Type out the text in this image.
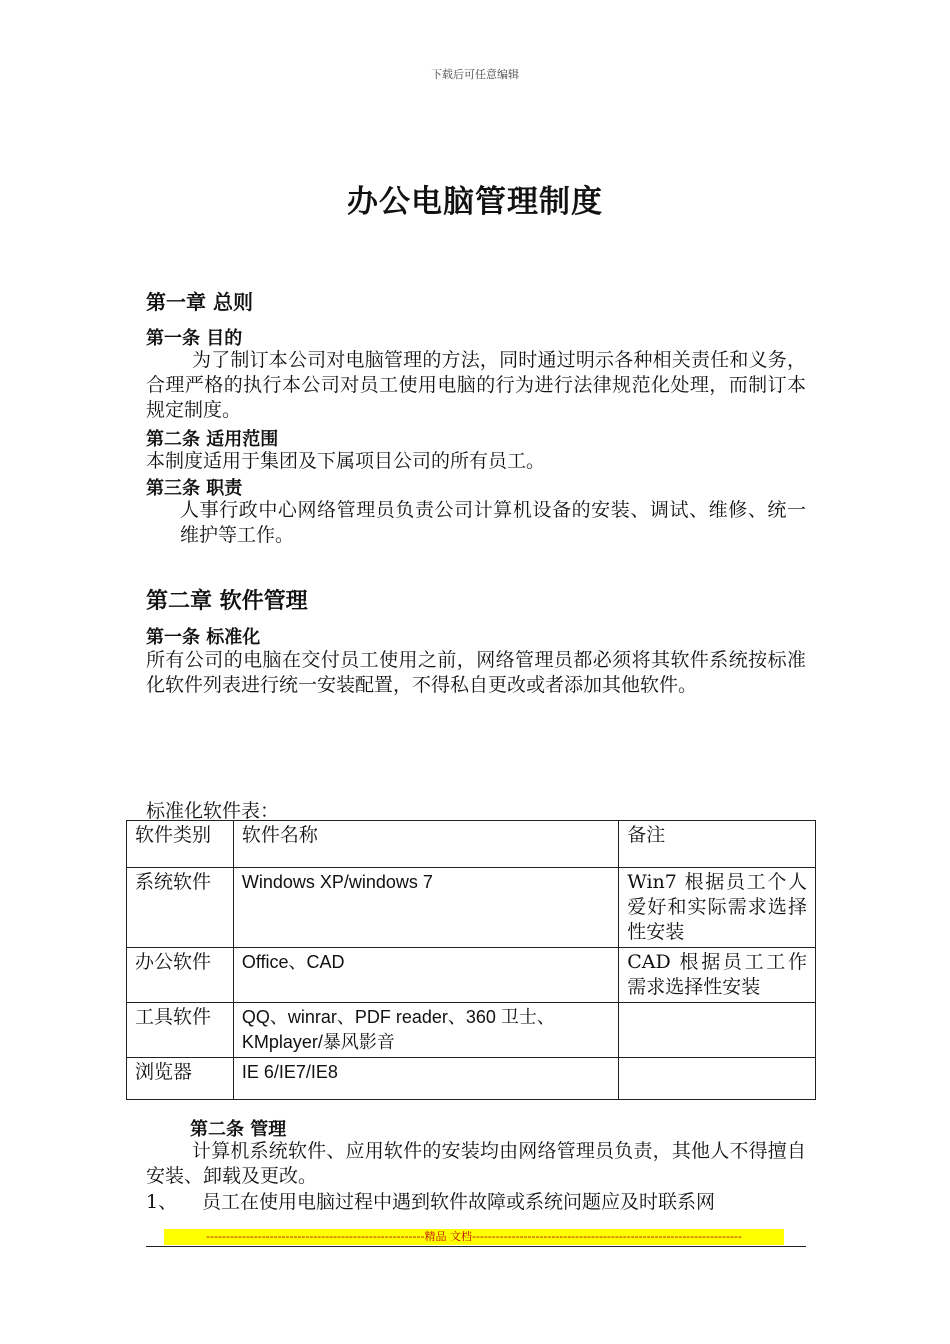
下载后可任意编辑
办公电脑管理制度
第一章 总则
第一条 目的
为了制订本公司对电脑管理的方法，同时通过明示各种相关责任和义务，合理严格的执行本公司对员工使用电脑的行为进行法律规范化处理，而制订本规定制度。
第二条 适用范围
本制度适用于集团及下属项目公司的所有员工。
第三条 职责
人事行政中心网络管理员负责公司计算机设备的安装、调试、维修、统一维护等工作。
第二章 软件管理
第一条 标准化
所有公司的电脑在交付员工使用之前，网络管理员都必须将其软件系统按标准化软件列表进行统一安装配置，不得私自更改或者添加其他软件。
标准化软件表：
软件类别	软件名称	备注
系统软件	Windows XP/windows 7	Win7 根据员工个人爱好和实际需求选择性安装
办公软件	Office、CAD	CAD 根据员工工作需求选择性安装
工具软件	QQ、winrar、PDF reader、360 卫士、KMplayer/暴风影音	
浏览器	IE 6/IE7/IE8	
第二条 管理
计算机系统软件、应用软件的安装均由网络管理员负责，其他人不得擅自安装、卸载及更改。
1、 员工在使用电脑过程中遇到软件故障或系统问题应及时联系网
-------------------------------------------------------精品 文档--------------------------------------------------------------------
